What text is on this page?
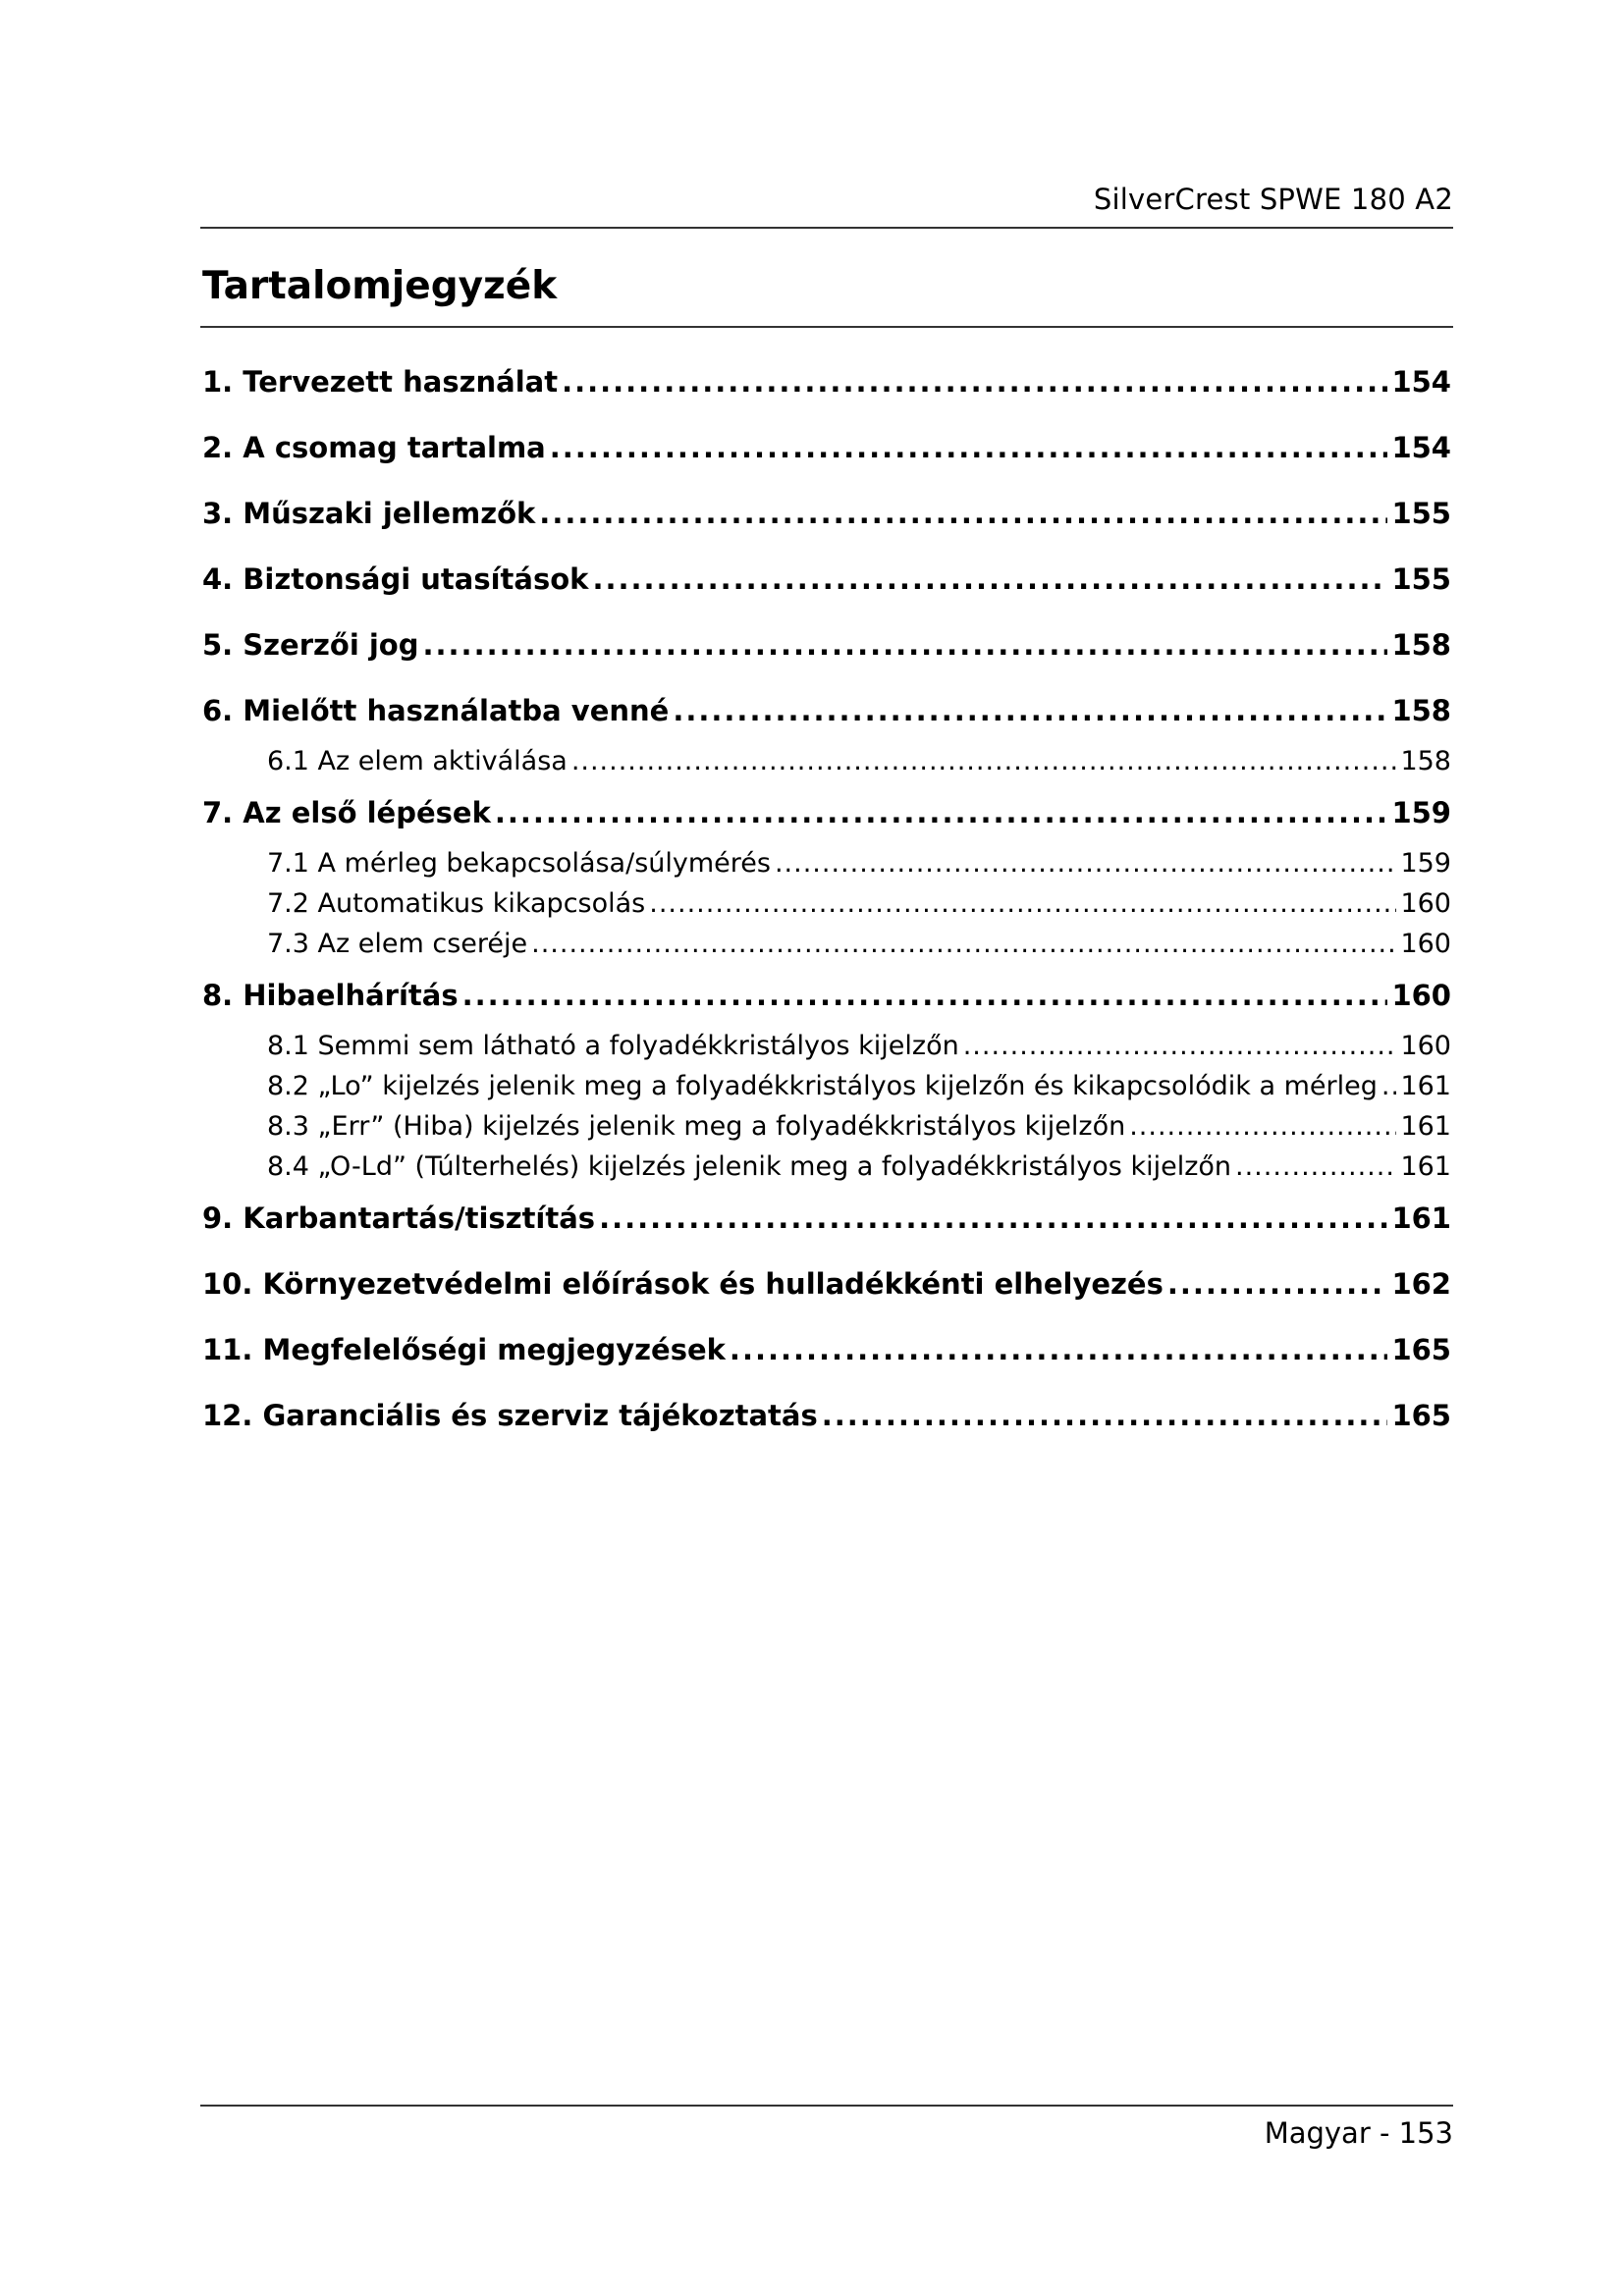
SilverCrest SPWE 180 A2
Tartalomjegyzék
1. Tervezett használat .....	154
2. A csomag tartalma .....	154
3. Műszaki jellemzők .....	155
4. Biztonsági utasítások .....	155
5. Szerzői jog .....	158
6. Mielőtt használatba venné .....	158
6.1 Az elem aktiválása .....	158
7. Az első lépések .....	159
7.1 A mérleg bekapcsolása/súlymérés .....	159
7.2 Automatikus kikapcsolás .....	160
7.3 Az elem cseréje .....	160
8. Hibaelhárítás .....	160
8.1 Semmi sem látható a folyadékkristályos kijelzőn .....	160
8.2 „Lo” kijelzés jelenik meg a folyadékkristályos kijelzőn és kikapcsolódik a mérleg ..... 161
8.3 „Err” (Hiba) kijelzés jelenik meg a folyadékkristályos kijelzőn .....	161
8.4 „O-Ld” (Túlterhelés) kijelzés jelenik meg a folyadékkristályos kijelzőn .....	161
9. Karbantartás/tisztítás .....	161
10. Környezetvédelmi előírások és hulladékkénti elhelyezés .....	162
11. Megfelelőségi megjegyzések .....	165
12. Garanciális és szerviz tájékoztatás .....	165
Magyar - 153
